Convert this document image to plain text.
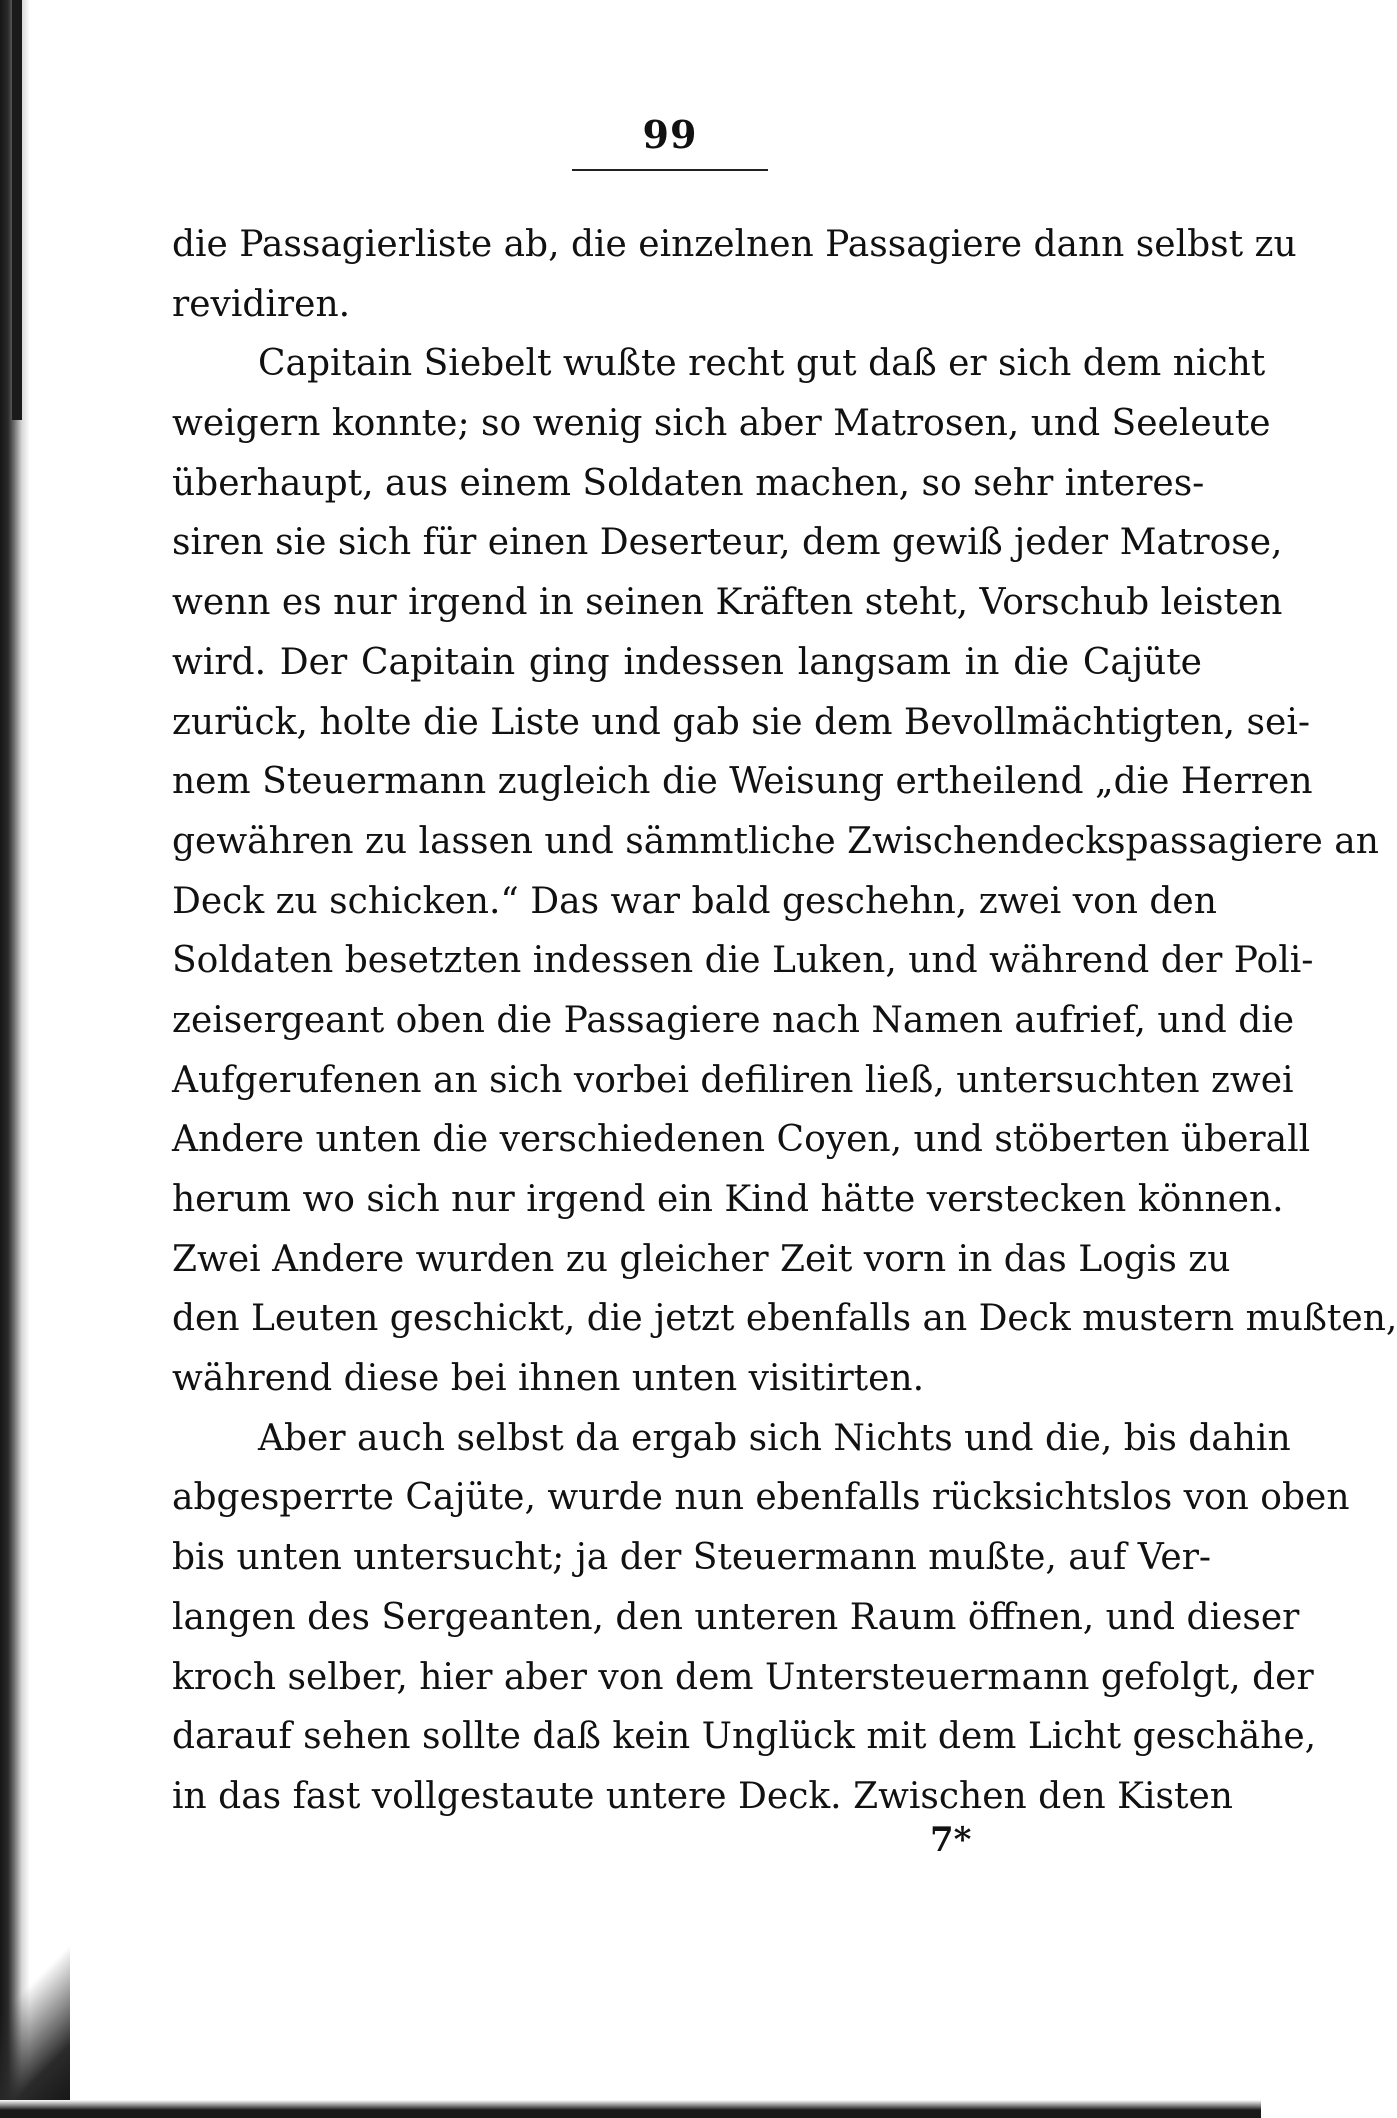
99
die Passagierliste ab, die einzelnen Passagiere dann selbst zu
revidiren.
Capitain Siebelt wußte recht gut daß er sich dem nicht
weigern konnte; so wenig sich aber Matrosen, und Seeleute
überhaupt, aus einem Soldaten machen, so sehr interes-
siren sie sich für einen Deserteur, dem gewiß jeder Matrose,
wenn es nur irgend in seinen Kräften steht, Vorschub leisten
wird. Der Capitain ging indessen langsam in die Cajüte
zurück, holte die Liste und gab sie dem Bevollmächtigten, sei-
nem Steuermann zugleich die Weisung ertheilend „die Herren
gewähren zu lassen und sämmtliche Zwischendeckspassagiere an
Deck zu schicken.“ Das war bald geschehn, zwei von den
Soldaten besetzten indessen die Luken, und während der Poli-
zeisergeant oben die Passagiere nach Namen aufrief, und die
Aufgerufenen an sich vorbei defiliren ließ, untersuchten zwei
Andere unten die verschiedenen Coyen, und stöberten überall
herum wo sich nur irgend ein Kind hätte verstecken können.
Zwei Andere wurden zu gleicher Zeit vorn in das Logis zu
den Leuten geschickt, die jetzt ebenfalls an Deck mustern mußten,
während diese bei ihnen unten visitirten.
Aber auch selbst da ergab sich Nichts und die, bis dahin
abgesperrte Cajüte, wurde nun ebenfalls rücksichtslos von oben
bis unten untersucht; ja der Steuermann mußte, auf Ver-
langen des Sergeanten, den unteren Raum öffnen, und dieser
kroch selber, hier aber von dem Untersteuermann gefolgt, der
darauf sehen sollte daß kein Unglück mit dem Licht geschähe,
in das fast vollgestaute untere Deck. Zwischen den Kisten
7*
